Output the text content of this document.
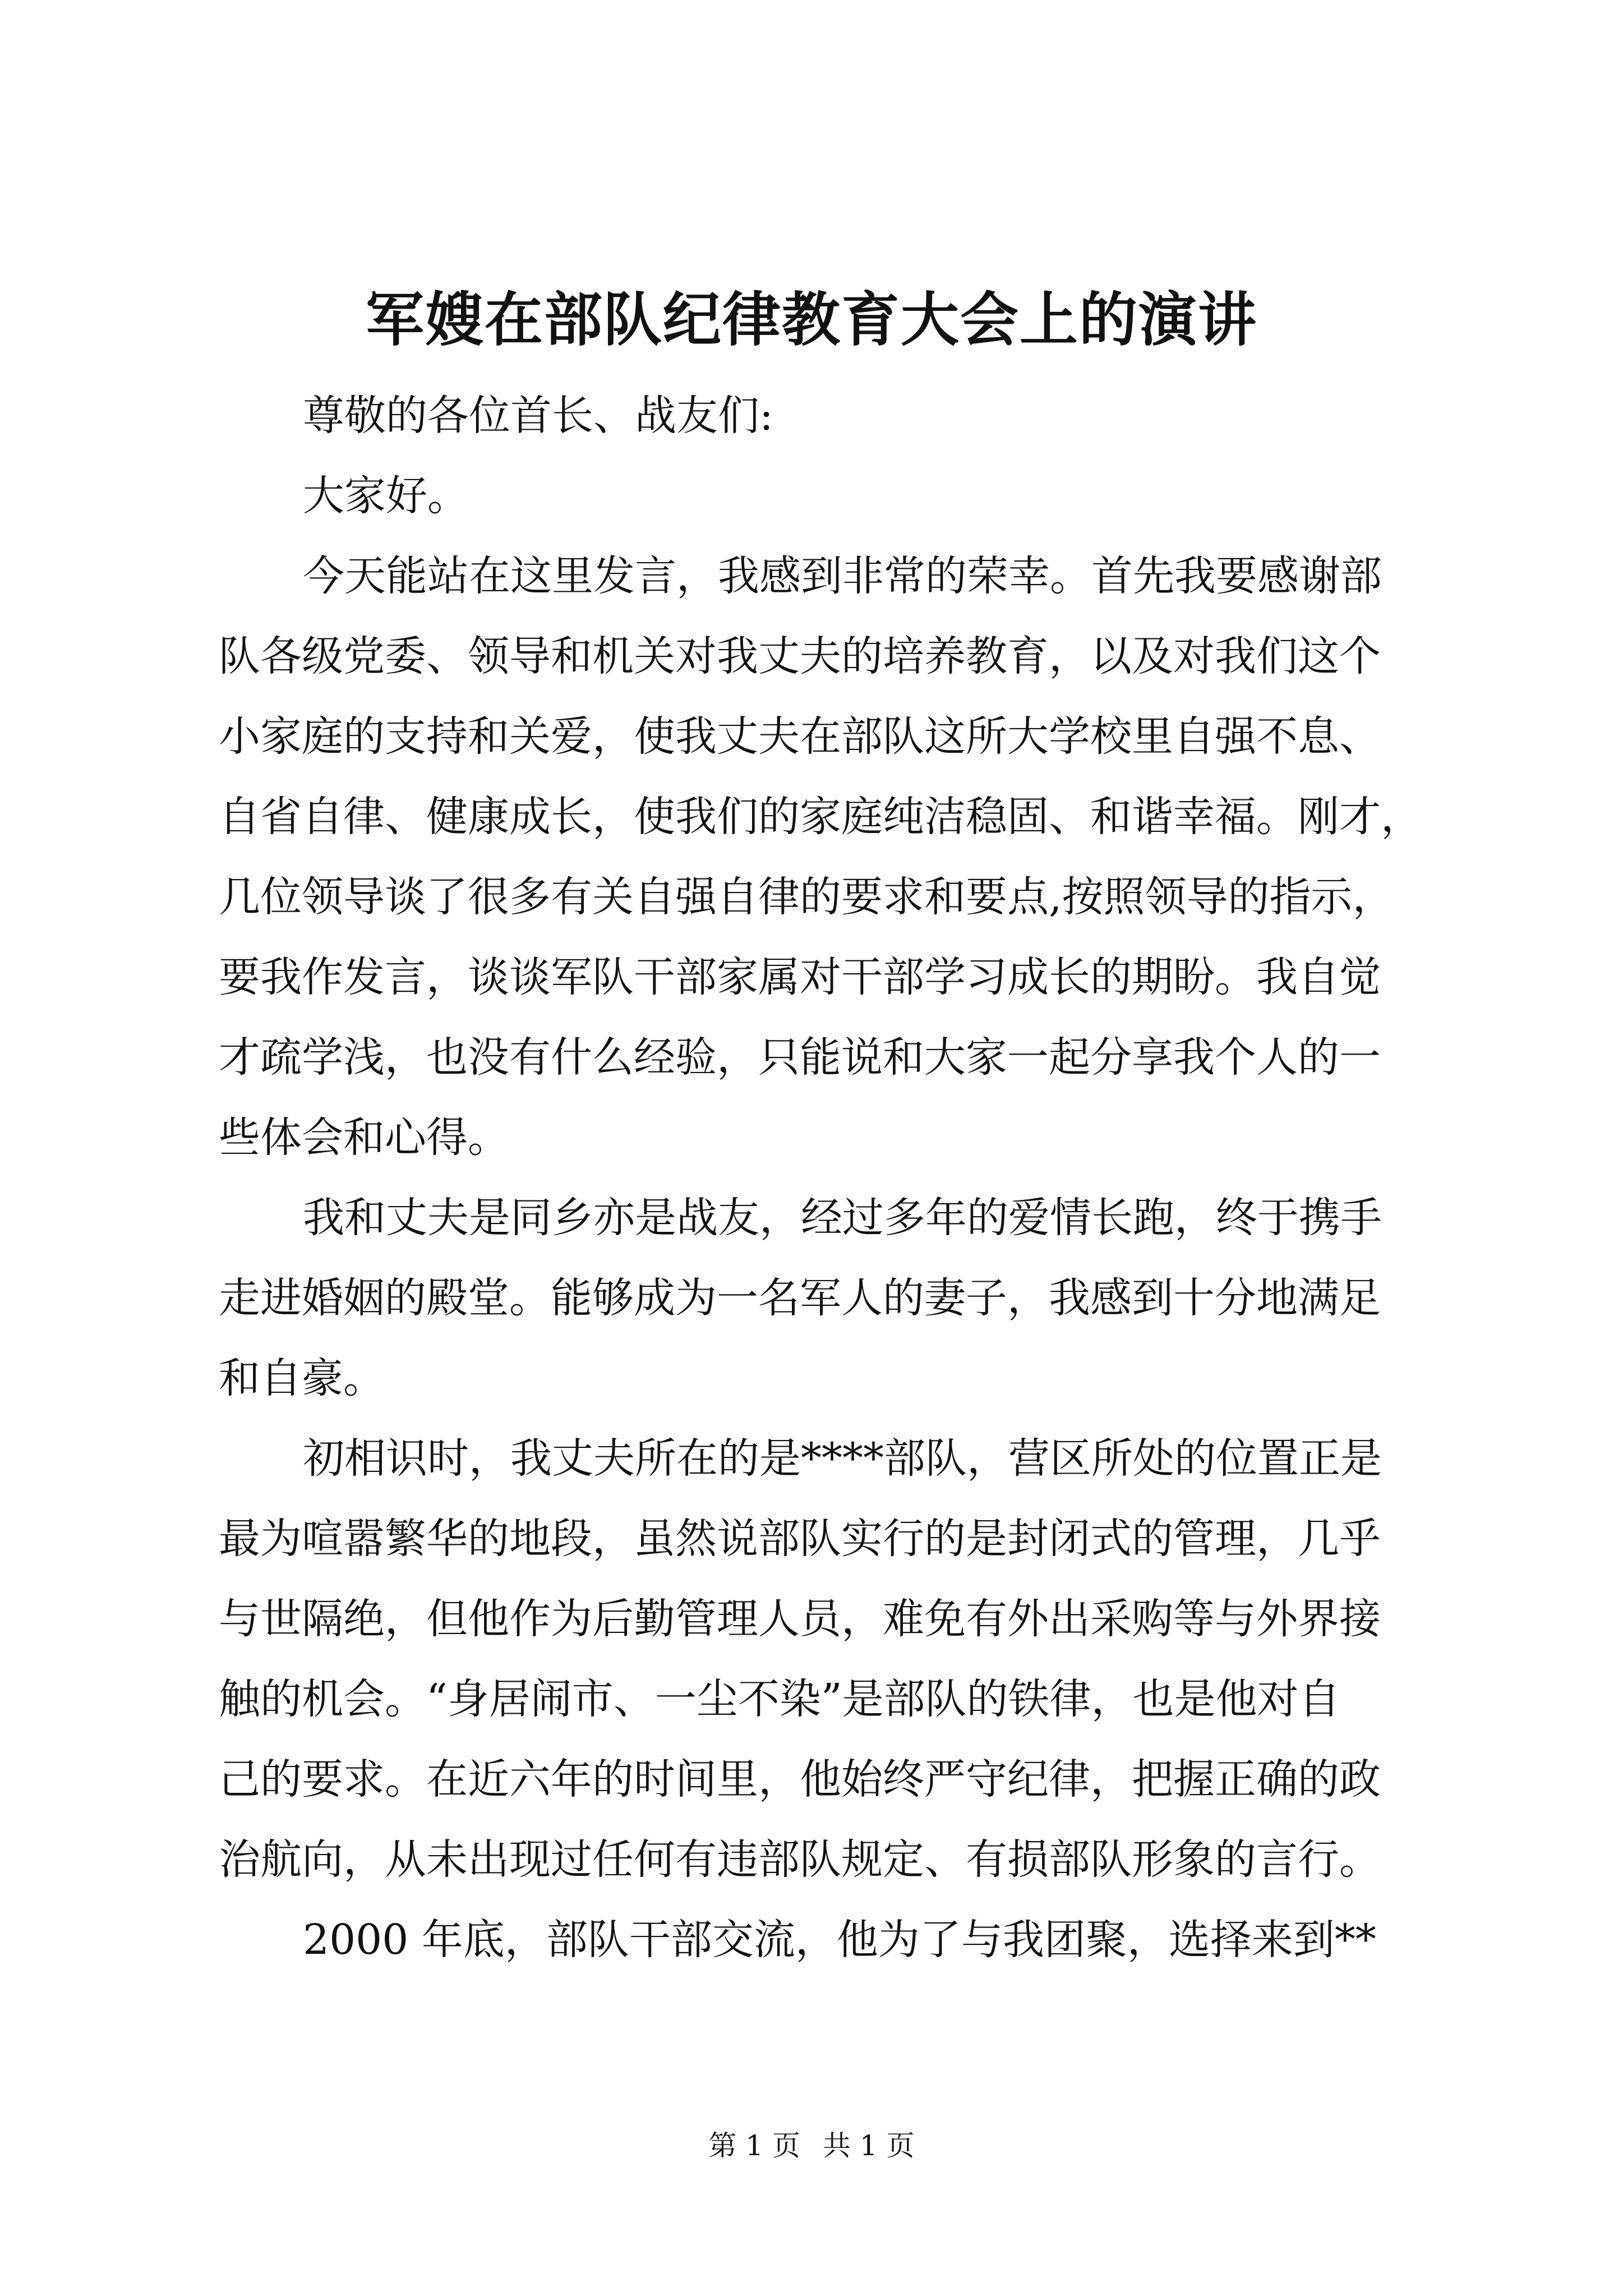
军嫂在部队纪律教育大会上的演讲
尊敬的各位首长、战友们:
大家好。
今天能站在这里发言，我感到非常的荣幸。首先我要感谢部
队各级党委、领导和机关对我丈夫的培养教育，以及对我们这个
小家庭的支持和关爱，使我丈夫在部队这所大学校里自强不息、
自省自律、健康成长，使我们的家庭纯洁稳固、和谐幸福。刚才，
几位领导谈了很多有关自强自律的要求和要点,按照领导的指示，
要我作发言，谈谈军队干部家属对干部学习成长的期盼。我自觉
才疏学浅，也没有什么经验，只能说和大家一起分享我个人的一
些体会和心得。
我和丈夫是同乡亦是战友，经过多年的爱情长跑，终于携手
走进婚姻的殿堂。能够成为一名军人的妻子，我感到十分地满足
和自豪。
初相识时，我丈夫所在的是****部队，营区所处的位置正是
最为喧嚣繁华的地段，虽然说部队实行的是封闭式的管理，几乎
与世隔绝，但他作为后勤管理人员，难免有外出采购等与外界接
触的机会。“身居闹市、一尘不染”是部队的铁律，也是他对自
己的要求。在近六年的时间里，他始终严守纪律，把握正确的政
治航向，从未出现过任何有违部队规定、有损部队形象的言行。
2000 年底，部队干部交流，他为了与我团聚，选择来到**
第 1 页 共 1 页
